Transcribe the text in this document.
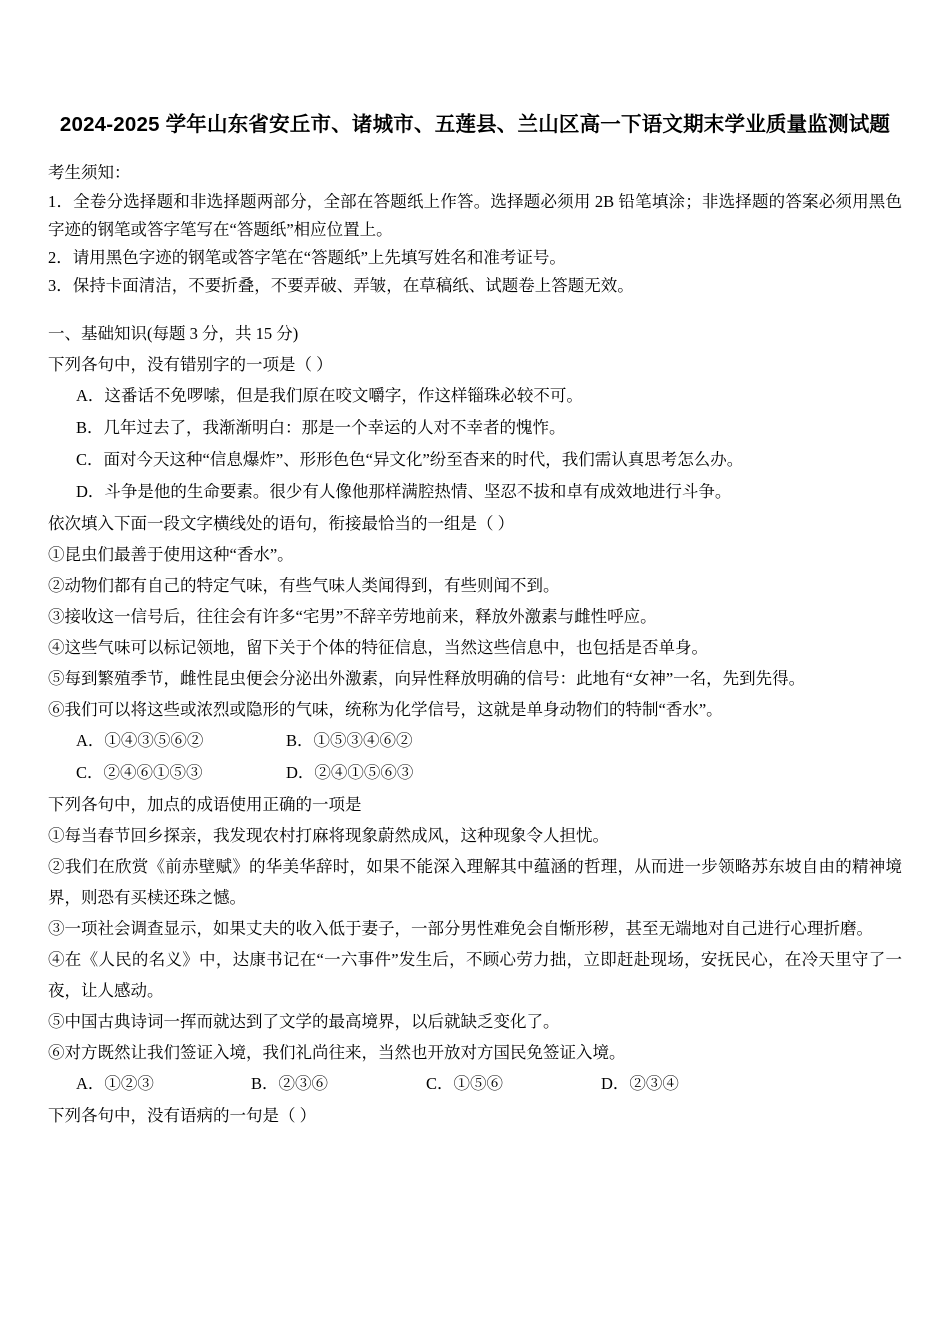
2024-2025 学年山东省安丘市、诸城市、五莲县、兰山区高一下语文期末学业质量监测试题

考生须知：

1．全卷分选择题和非选择题两部分，全部在答题纸上作答。选择题必须用 2B 铅笔填涂；非选择题的答案必须用黑色字迹的钢笔或答字笔写在“答题纸”相应位置上。

2．请用黑色字迹的钢笔或答字笔在“答题纸”上先填写姓名和准考证号。

3．保持卡面清洁，不要折叠，不要弄破、弄皱，在草稿纸、试题卷上答题无效。

一、基础知识(每题 3 分，共 15 分)

下列各句中，没有错别字的一项是（ ）

A．这番话不免啰嗦，但是我们原在咬文嚼字，作这样锱珠必较不可。

B．几年过去了，我渐渐明白：那是一个幸运的人对不幸者的愧怍。

C．面对今天这种“信息爆炸”、形形色色“异文化”纷至杳来的时代，我们需认真思考怎么办。

D．斗争是他的生命要素。很少有人像他那样满腔热情、坚忍不拔和卓有成效地进行斗争。

依次填入下面一段文字横线处的语句，衔接最恰当的一组是（ ）

①昆虫们最善于使用这种“香水”。

②动物们都有自己的特定气味，有些气味人类闻得到，有些则闻不到。

③接收这一信号后，往往会有许多“宅男”不辞辛劳地前来，释放外激素与雌性呼应。

④这些气味可以标记领地，留下关于个体的特征信息，当然这些信息中，也包括是否单身。

⑤每到繁殖季节，雌性昆虫便会分泌出外激素，向异性释放明确的信号：此地有“女神”一名，先到先得。

⑥我们可以将这些或浓烈或隐形的气味，统称为化学信号，这就是单身动物们的特制“香水”。

A．①④③⑤⑥②	B．①⑤③④⑥②
C．②④⑥①⑤③	D．②④①⑤⑥③

下列各句中，加点的成语使用正确的一项是

①每当春节回乡探亲，我发现农村打麻将现象蔚然成风，这种现象令人担忧。

②我们在欣赏《前赤壁赋》的华美华辞时，如果不能深入理解其中蕴涵的哲理，从而进一步领略苏东坡自由的精神境界，则恐有买椟还珠之憾。

③一项社会调查显示，如果丈夫的收入低于妻子，一部分男性难免会自惭形秽，甚至无端地对自己进行心理折磨。

④在《人民的名义》中，达康书记在“一六事件”发生后，不顾心劳力拙，立即赶赴现场，安抚民心，在冷天里守了一夜，让人感动。

⑤中国古典诗词一挥而就达到了文学的最高境界，以后就缺乏变化了。

⑥对方既然让我们签证入境，我们礼尚往来，当然也开放对方国民免签证入境。

A．①②③	B．②③⑥	C．①⑤⑥	D．②③④

下列各句中，没有语病的一句是（ ）
